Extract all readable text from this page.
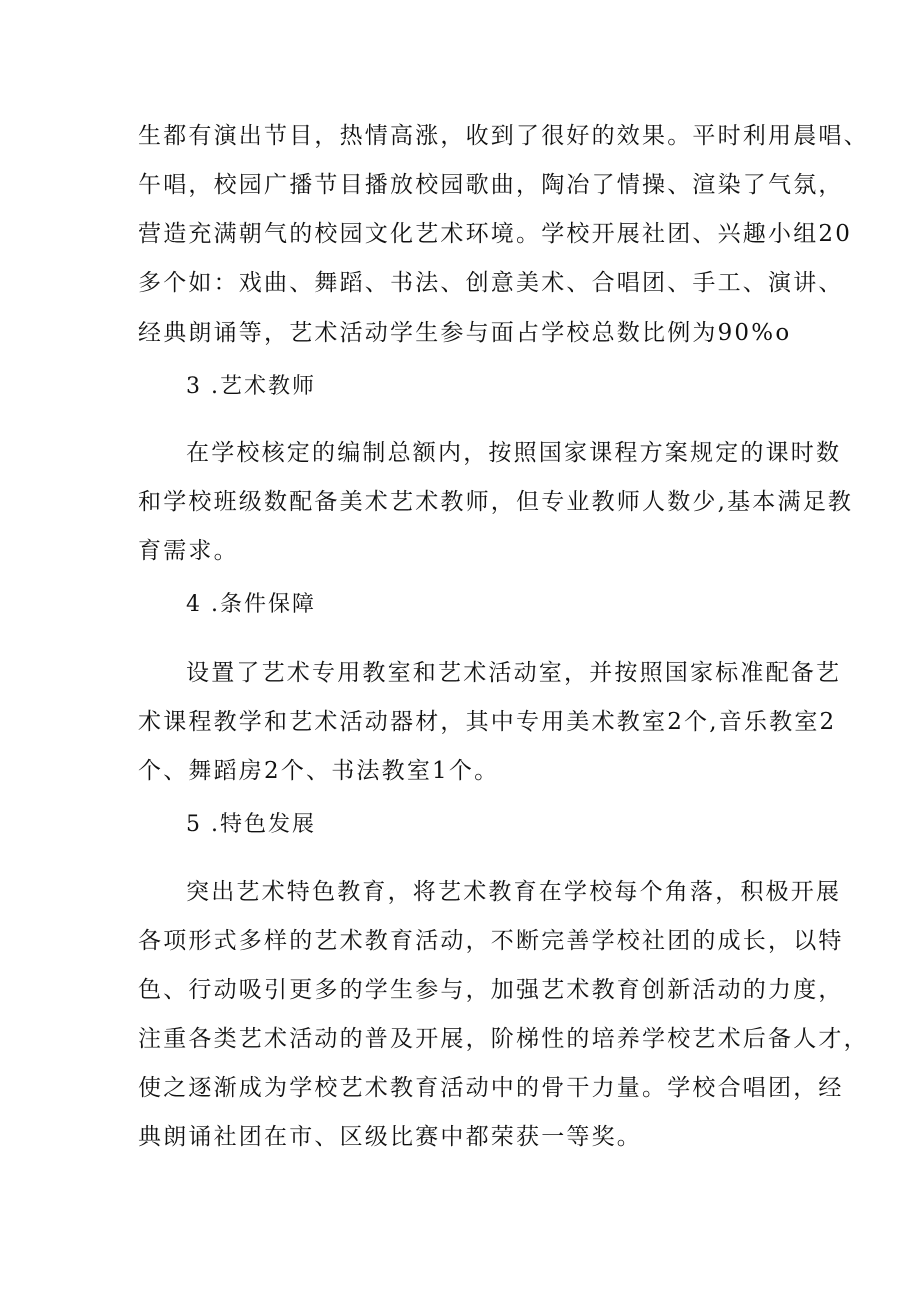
生都有演出节目，热情高涨，收到了很好的效果。平时利用晨唱、
午唱，校园广播节目播放校园歌曲，陶冶了情操、渲染了气氛，
营造充满朝气的校园文化艺术环境。学校开展社团、兴趣小组20
多个如：戏曲、舞蹈、书法、创意美术、合唱团、手工、演讲、
经典朗诵等，艺术活动学生参与面占学校总数比例为90%o
3 .艺术教师
在学校核定的编制总额内，按照国家课程方案规定的课时数
和学校班级数配备美术艺术教师，但专业教师人数少,基本满足教
育需求。
4 .条件保障
设置了艺术专用教室和艺术活动室，并按照国家标准配备艺
术课程教学和艺术活动器材，其中专用美术教室2个,音乐教室2
个、舞蹈房2个、书法教室1个。
5 .特色发展
突出艺术特色教育，将艺术教育在学校每个角落，积极开展
各项形式多样的艺术教育活动，不断完善学校社团的成长，以特
色、行动吸引更多的学生参与，加强艺术教育创新活动的力度，
注重各类艺术活动的普及开展，阶梯性的培养学校艺术后备人才，
使之逐渐成为学校艺术教育活动中的骨干力量。学校合唱团，经
典朗诵社团在市、区级比赛中都荣获一等奖。
